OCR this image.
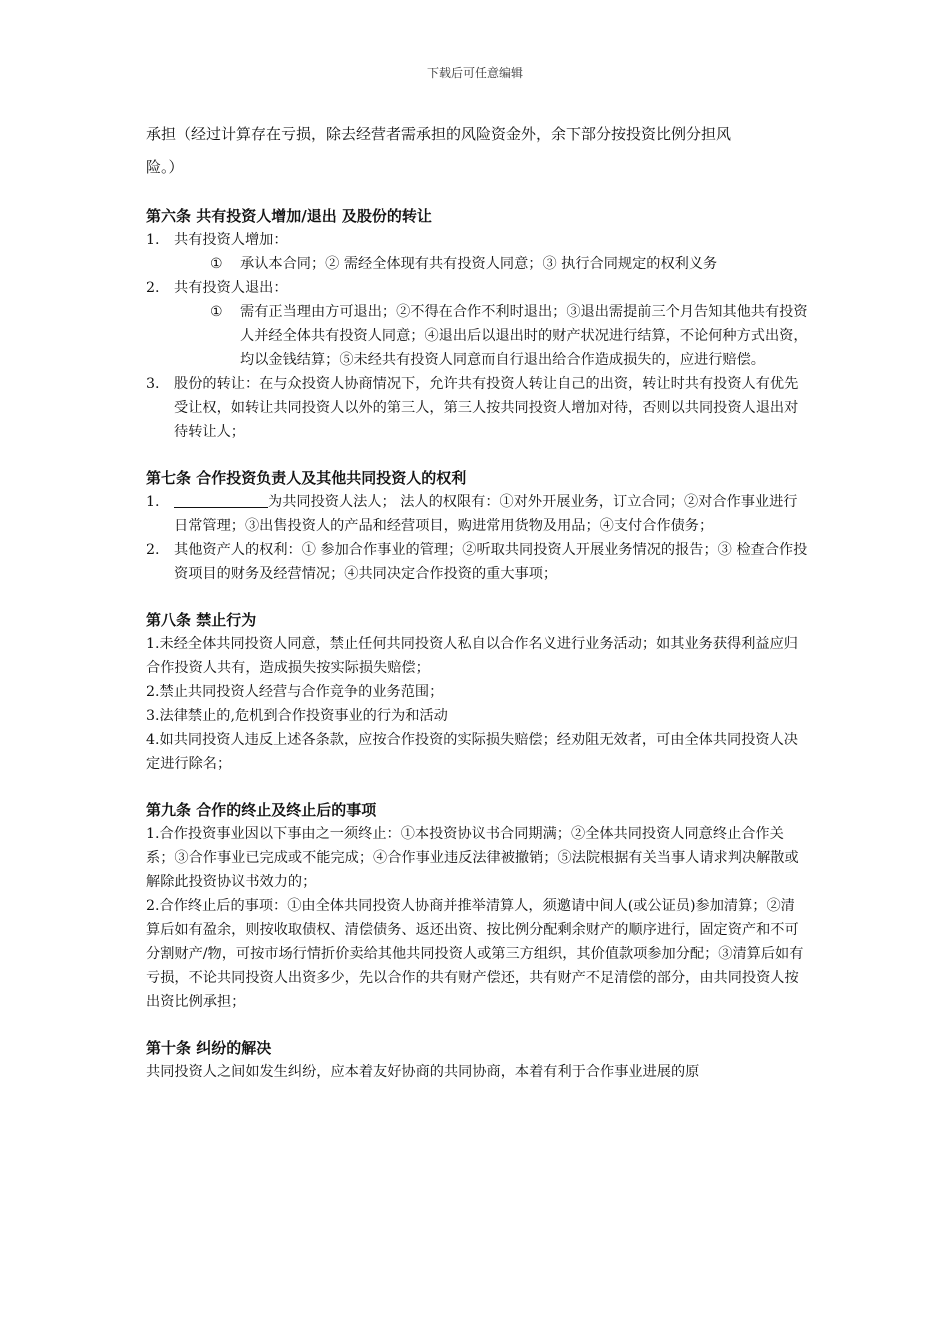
下载后可任意编辑

承担（经过计算存在亏损，除去经营者需承担的风险资金外，余下部分按投资比例分担风

险。）

第六条 共有投资人增加/退出 及股份的转让
1.	共有投资人增加：
①	承认本合同；② 需经全体现有共有投资人同意；③ 执行合同规定的权利义务
2.	共有投资人退出：
①	需有正当理由方可退出；②不得在合作不利时退出；③退出需提前三个月告知其他共有投资人并经全体共有投资人同意；④退出后以退出时的财产状况进行结算，不论何种方式出资，均以金钱结算；⑤未经共有投资人同意而自行退出给合作造成损失的，应进行赔偿。
3.	股份的转让：在与众投资人协商情况下，允许共有投资人转让自己的出资，转让时共有投资人有优先受让权，如转让共同投资人以外的第三人，第三人按共同投资人增加对待，否则以共同投资人退出对待转让人；
第七条 合作投资负责人及其他共同投资人的权利
1.	为共同投资人法人； 法人的权限有：①对外开展业务，订立合同；②对合作事业进行日常管理；③出售投资人的产品和经营项目，购进常用货物及用品；④支付合作债务；
2.	其他资产人的权利：① 参加合作事业的管理；②听取共同投资人开展业务情况的报告；③ 检查合作投资项目的财务及经营情况；④共同决定合作投资的重大事项；
第八条 禁止行为

1.未经全体共同投资人同意，禁止任何共同投资人私自以合作名义进行业务活动；如其业务获得利益应归合作投资人共有，造成损失按实际损失赔偿；

2.禁止共同投资人经营与合作竞争的业务范围；

3.法律禁止的,危机到合作投资事业的行为和活动

4.如共同投资人违反上述各条款，应按合作投资的实际损失赔偿；经劝阻无效者，可由全体共同投资人决定进行除名；

第九条 合作的终止及终止后的事项

1.合作投资事业因以下事由之一须终止：①本投资协议书合同期满；②全体共同投资人同意终止合作关系；③合作事业已完成或不能完成；④合作事业违反法律被撤销；⑤法院根据有关当事人请求判决解散或解除此投资协议书效力的；

2.合作终止后的事项：①由全体共同投资人协商并推举清算人，须邀请中间人(或公证员)参加清算；②清算后如有盈余，则按收取债权、清偿债务、返还出资、按比例分配剩余财产的顺序进行，固定资产和不可分割财产/物，可按市场行情折价卖给其他共同投资人或第三方组织，其价值款项参加分配；③清算后如有亏损，不论共同投资人出资多少，先以合作的共有财产偿还，共有财产不足清偿的部分，由共同投资人按出资比例承担；

第十条 纠纷的解决

共同投资人之间如发生纠纷，应本着友好协商的共同协商，本着有利于合作事业进展的原
